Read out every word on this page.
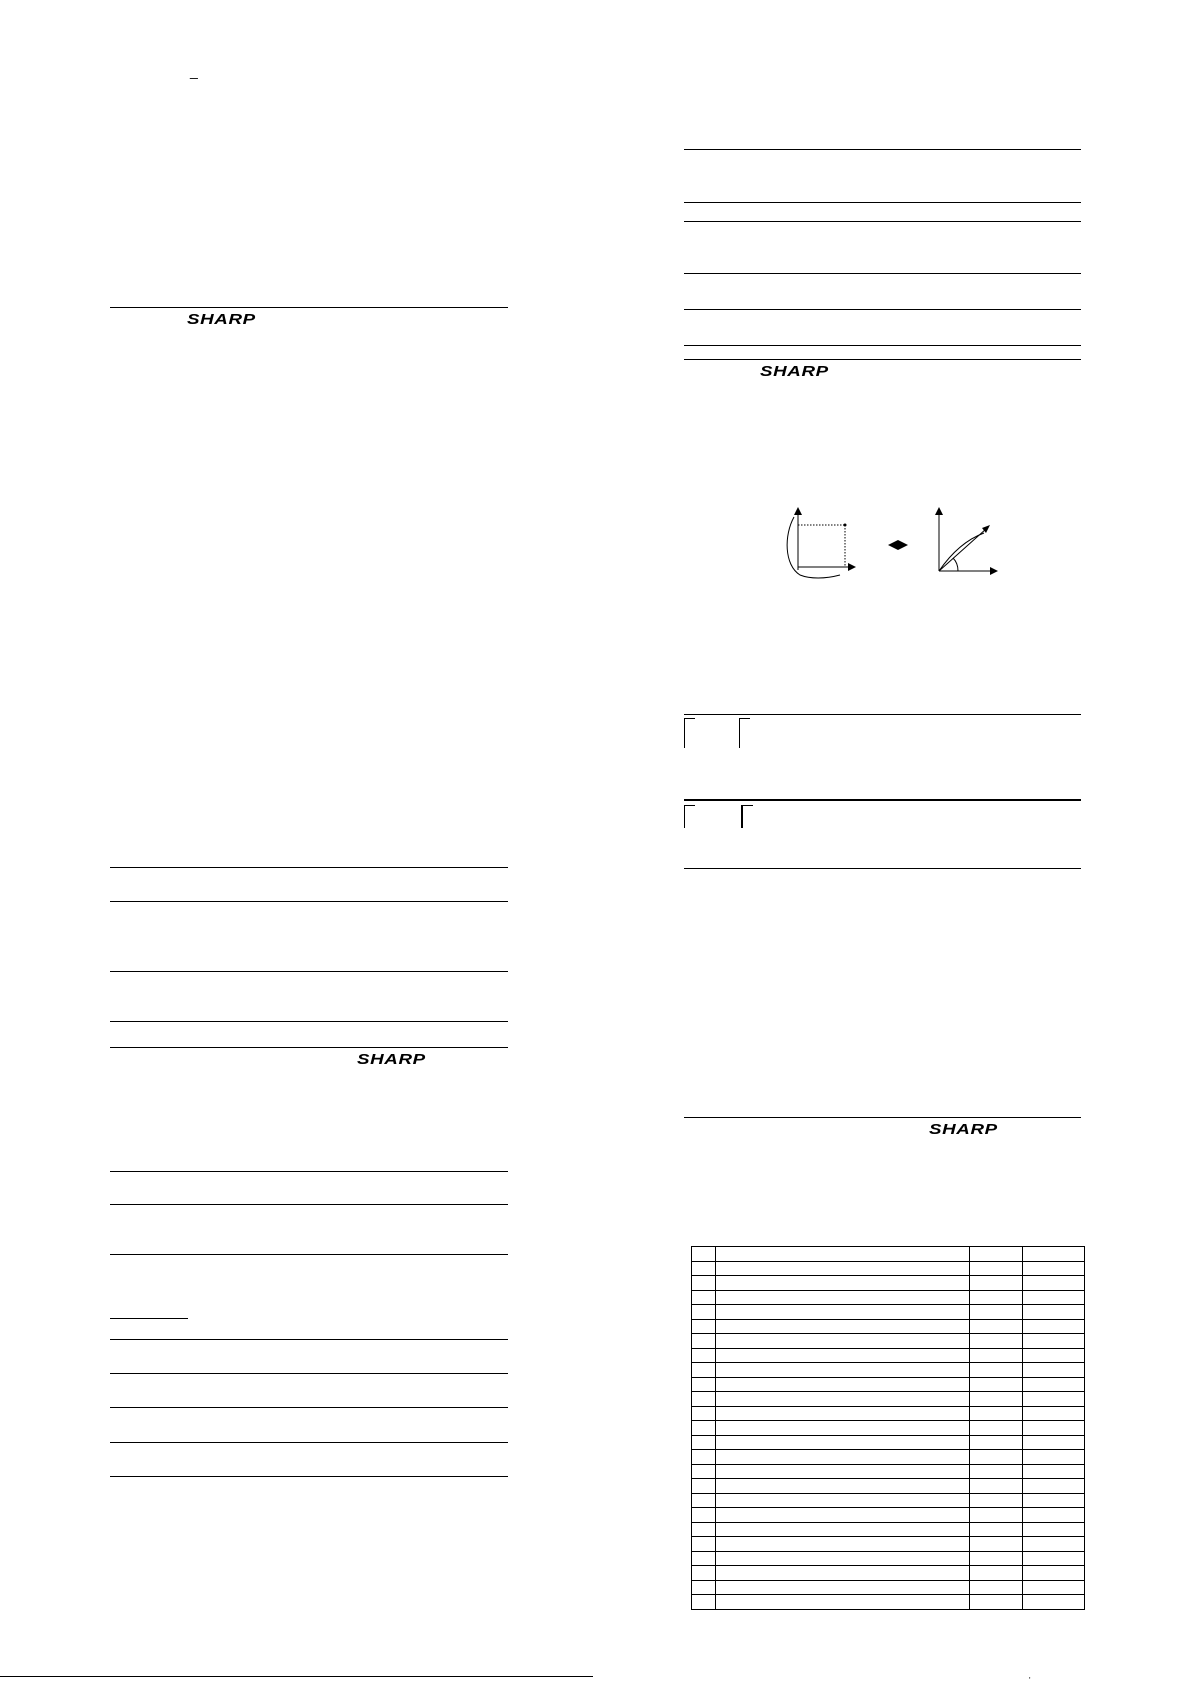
_
SHARP
SHARP
SHARP
SHARP

'
